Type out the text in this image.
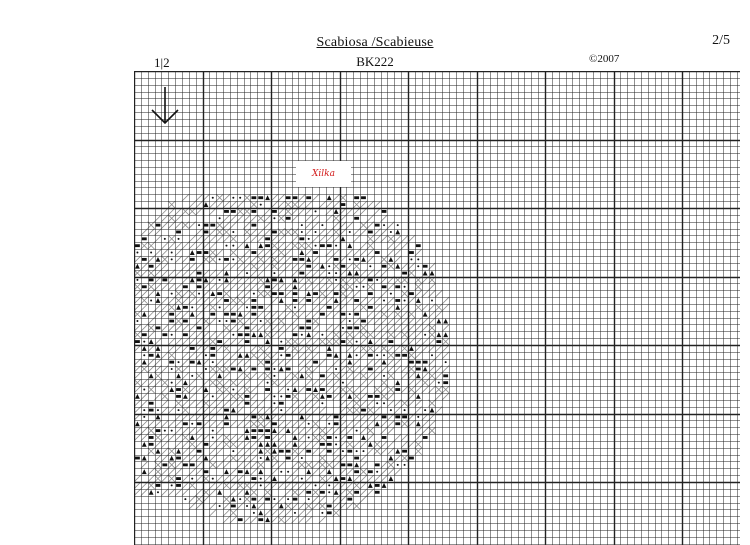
Scabiosa /Scabieuse	2/5
1|2	BK222	©2007
Xilka
